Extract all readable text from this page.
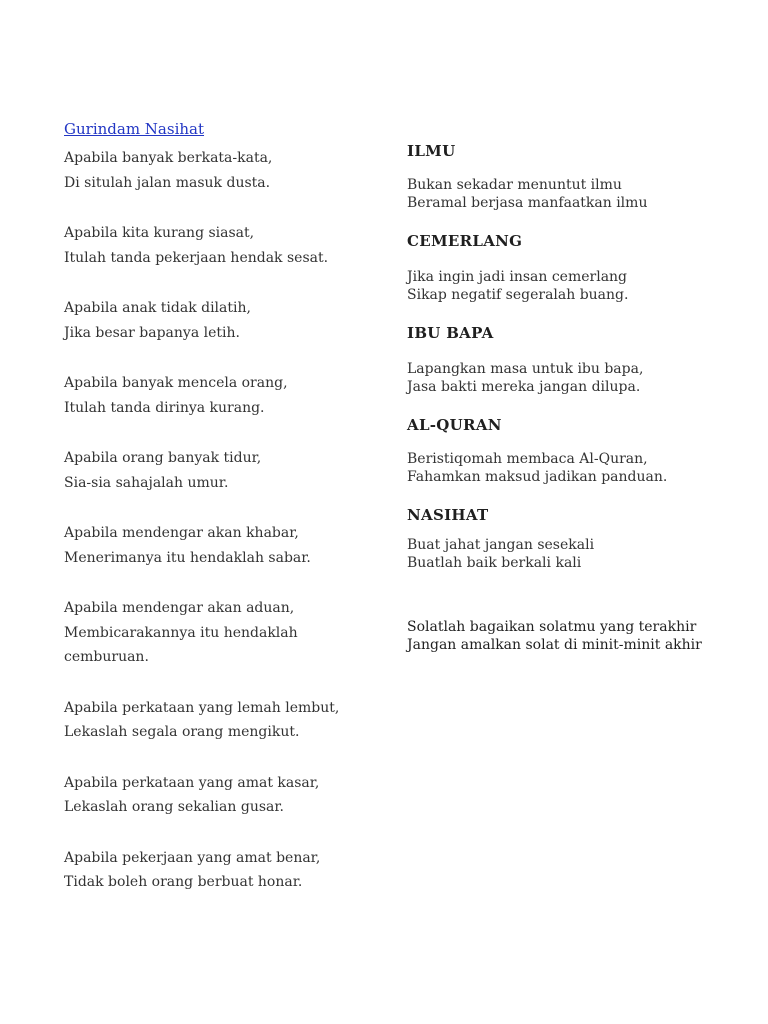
Gurindam Nasihat
Apabila banyak berkata-kata,
Di situlah jalan masuk dusta.
Apabila kita kurang siasat,
Itulah tanda pekerjaan hendak sesat.
Apabila anak tidak dilatih,
Jika besar bapanya letih.
Apabila banyak mencela orang,
Itulah tanda dirinya kurang.
Apabila orang banyak tidur,
Sia-sia sahajalah umur.
Apabila mendengar akan khabar,
Menerimanya itu hendaklah sabar.
Apabila mendengar akan aduan,
Membicarakannya itu hendaklah
cemburuan.
Apabila perkataan yang lemah lembut,
Lekaslah segala orang mengikut.
Apabila perkataan yang amat kasar,
Lekaslah orang sekalian gusar.
Apabila pekerjaan yang amat benar,
Tidak boleh orang berbuat honar.
ILMU
Bukan sekadar menuntut ilmu
Beramal berjasa manfaatkan ilmu
CEMERLANG
Jika ingin jadi insan cemerlang
Sikap negatif segeralah buang.
IBU BAPA
Lapangkan masa untuk ibu bapa,
Jasa bakti mereka jangan dilupa.
AL-QURAN
Beristiqomah membaca Al-Quran,
Fahamkan maksud jadikan panduan.
NASIHAT
Buat jahat jangan sesekali
Buatlah baik berkali kali
Solatlah bagaikan solatmu yang terakhir
Jangan amalkan solat di minit-minit akhir
